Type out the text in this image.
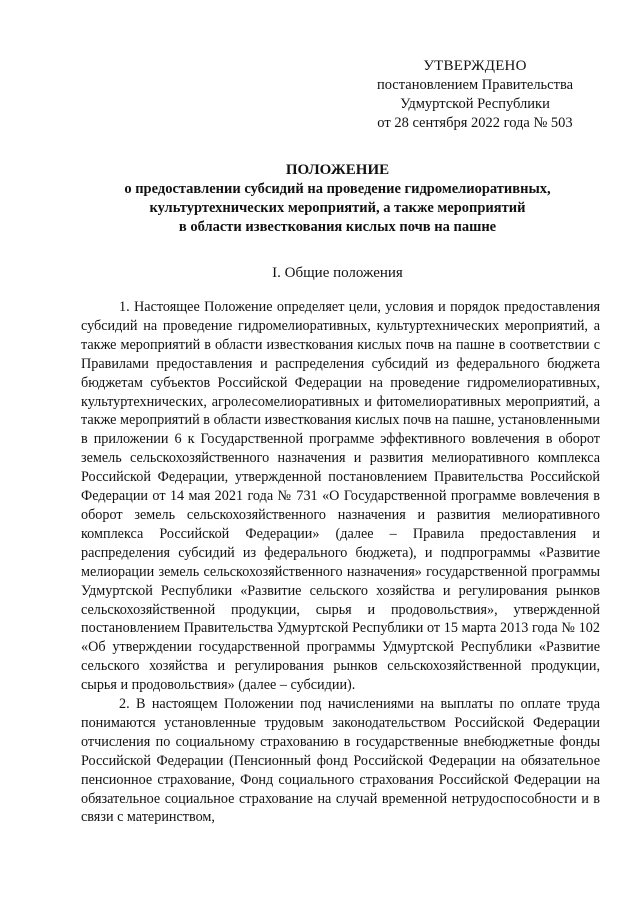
УТВЕРЖДЕНО
постановлением Правительства
Удмуртской Республики
от 28 сентября 2022 года № 503
ПОЛОЖЕНИЕ
о предоставлении субсидий на проведение гидромелиоративных,
культуртехнических мероприятий, а также мероприятий
в области известкования кислых почв на пашне
I. Общие положения

1. Настоящее Положение определяет цели, условия и порядок предоставления субсидий на проведение гидромелиоративных, культуртехнических мероприятий, а также мероприятий в области известкования кислых почв на пашне в соответствии с Правилами предоставления и распределения субсидий из федерального бюджета бюджетам субъектов Российской Федерации на проведение гидромелиоративных, культуртехнических, агролесомелиоративных и фитомелиоративных мероприятий, а также мероприятий в области известкования кислых почв на пашне, установленными в приложении 6 к Государственной программе эффективного вовлечения в оборот земель сельскохозяйственного назначения и развития мелиоративного комплекса Российской Федерации, утвержденной постановлением Правительства Российской Федерации от 14 мая 2021 года № 731 «О Государственной программе вовлечения в оборот земель сельскохозяйственного назначения и развития мелиоративного комплекса Российской Федерации» (далее – Правила предоставления и распределения субсидий из федерального бюджета), и подпрограммы «Развитие мелиорации земель сельскохозяйственного назначения» государственной программы Удмуртской Республики «Развитие сельского хозяйства и регулирования рынков сельскохозяйственной продукции, сырья и продовольствия», утвержденной постановлением Правительства Удмуртской Республики от 15 марта 2013 года № 102 «Об утверждении государственной программы Удмуртской Республики «Развитие сельского хозяйства и регулирования рынков сельскохозяйственной продукции, сырья и продовольствия» (далее – субсидии).

2. В настоящем Положении под начислениями на выплаты по оплате труда понимаются установленные трудовым законодательством Российской Федерации отчисления по социальному страхованию в государственные внебюджетные фонды Российской Федерации (Пенсионный фонд Российской Федерации на обязательное пенсионное страхование, Фонд социального страхования Российской Федерации на обязательное социальное страхование на случай временной нетрудоспособности и в связи с материнством,
